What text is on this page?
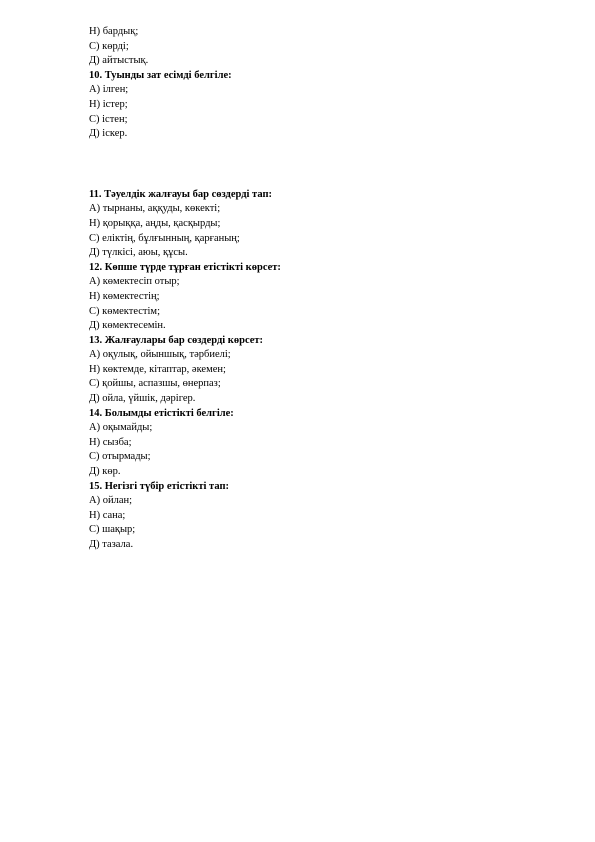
Н) бардық;
С) көрді;
Д) айтыстық.
10. Туынды зат есімді белгіле:
А) ілген;
Н) істер;
С) істен;
Д) іскер.
11. Тәуелдік жалғауы бар сөздерді тап:
А) тырнаны, аққуды, көкекті;
Н) қорыққа, аңды, қасқырды;
С) еліктің, бұлғынның, қарғаның;
Д) түлкісі, аюы, құсы.
12. Көпше түрде тұрған етістікті көрсет:
А) көмектесіп отыр;
Н) көмектестің;
С) көмектестім;
Д) көмектесемін.
13. Жалғаулары бар сөздерді көрсет:
А) оқулық, ойыншық, тәрбиелі;
Н) көктемде, кітаптар, әкемен;
С) қойшы, аспазшы, өнерпаз;
Д) ойла, үйшік, дәрігер.
14. Болымды етістікті белгіле:
А) оқымайды;
Н) сызба;
С) отырмады;
Д) көр.
15. Негізгі түбір етістікті тап:
А) ойлан;
Н) сана;
С) шақыр;
Д) тазала.
